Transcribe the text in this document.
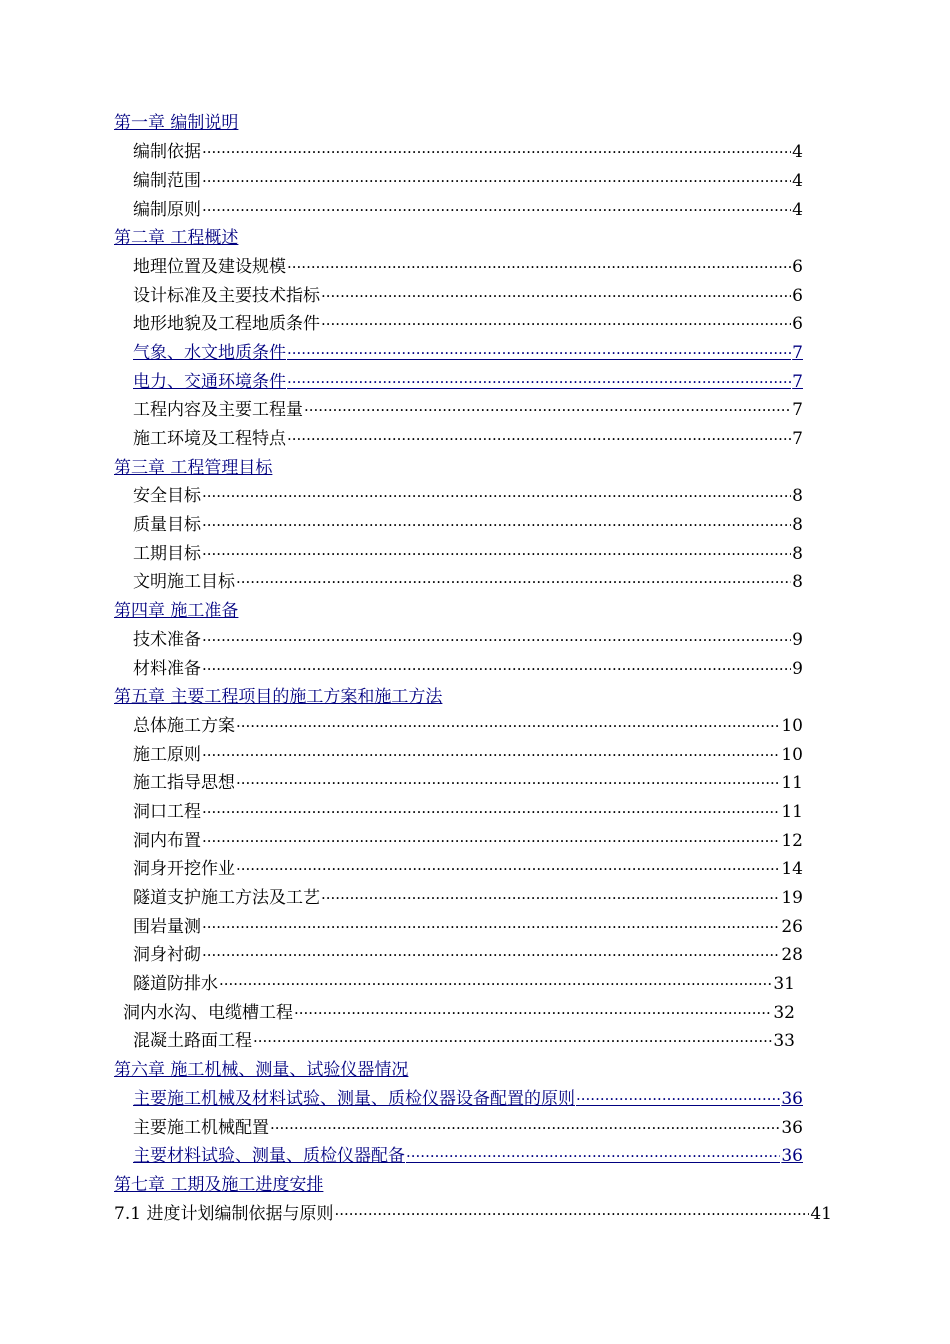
第一章 编制说明
编制依据 ·····	4
编制范围 ·····	4
编制原则 ·····	4
第二章 工程概述
地理位置及建设规模 ·····	6
设计标准及主要技术指标 ·····	6
地形地貌及工程地质条件 ·····	6
气象、水文地质条件 ·····	7
电力、交通环境条件 ·····	7
工程内容及主要工程量 ·····	7
施工环境及工程特点 ·····	7
第三章 工程管理目标
安全目标 ·····	8
质量目标 ·····	8
工期目标 ·····	8
文明施工目标 ·····	8
第四章 施工准备
技术准备 ·····	9
材料准备 ·····	9
第五章 主要工程项目的施工方案和施工方法
总体施工方案 ·····	10
施工原则 ·····	10
施工指导思想 ·····	11
洞口工程 ·····	11
洞内布置 ·····	12
洞身开挖作业 ·····	14
隧道支护施工方法及工艺 ·····	19
围岩量测 ·····	26
洞身衬砌 ·····	28
隧道防排水 ·····	31
洞内水沟、电缆槽工程 ·····	32
混凝土路面工程 ·····	33
第六章 施工机械、测量、试验仪器情况
主要施工机械及材料试验、测量、质检仪器设备配置的原则 ·····	36
主要施工机械配置 ·····	36
主要材料试验、测量、质检仪器配备 ·····	36
第七章 工期及施工进度安排
7.1 进度计划编制依据与原则 ·····	41
